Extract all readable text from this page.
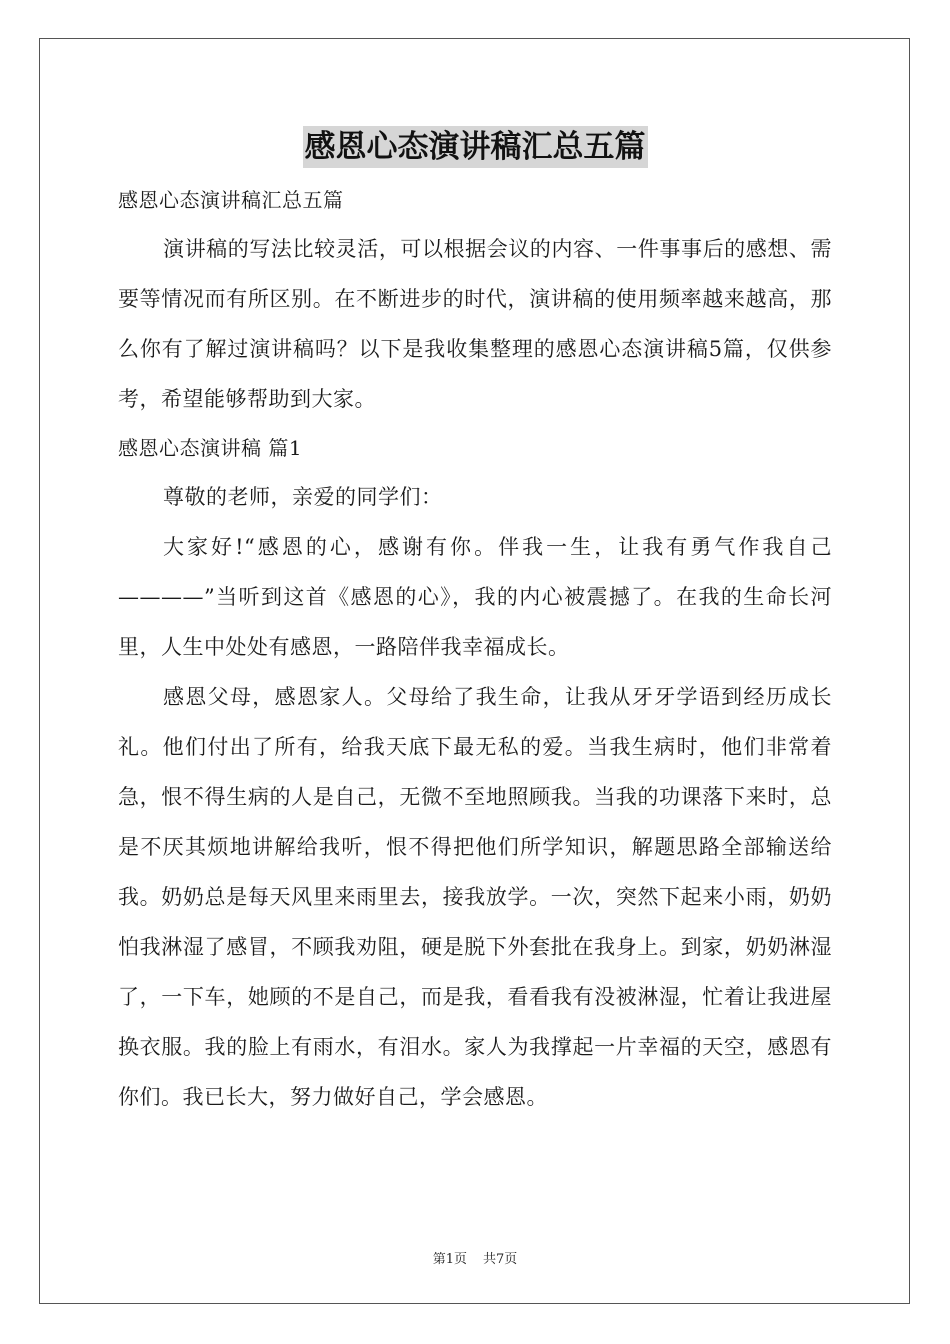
感恩心态演讲稿汇总五篇

感恩心态演讲稿汇总五篇

演讲稿的写法比较灵活，可以根据会议的内容、一件事事后的感想、需要等情况而有所区别。在不断进步的时代，演讲稿的使用频率越来越高，那么你有了解过演讲稿吗？以下是我收集整理的感恩心态演讲稿5篇，仅供参考，希望能够帮助到大家。

感恩心态演讲稿 篇1

尊敬的老师，亲爱的同学们：

大家好!“感恩的心，感谢有你。伴我一生，让我有勇气作我自己————”当听到这首《感恩的心》，我的内心被震撼了。在我的生命长河里，人生中处处有感恩，一路陪伴我幸福成长。

感恩父母，感恩家人。父母给了我生命，让我从牙牙学语到经历成长礼。他们付出了所有，给我天底下最无私的爱。当我生病时，他们非常着急，恨不得生病的人是自己，无微不至地照顾我。当我的功课落下来时，总是不厌其烦地讲解给我听，恨不得把他们所学知识，解题思路全部输送给我。奶奶总是每天风里来雨里去，接我放学。一次，突然下起来小雨，奶奶怕我淋湿了感冒，不顾我劝阻，硬是脱下外套批在我身上。到家，奶奶淋湿了，一下车，她顾的不是自己，而是我，看看我有没被淋湿，忙着让我进屋换衣服。我的脸上有雨水，有泪水。家人为我撑起一片幸福的天空，感恩有你们。我已长大，努力做好自己，学会感恩。

第1页 共7页
